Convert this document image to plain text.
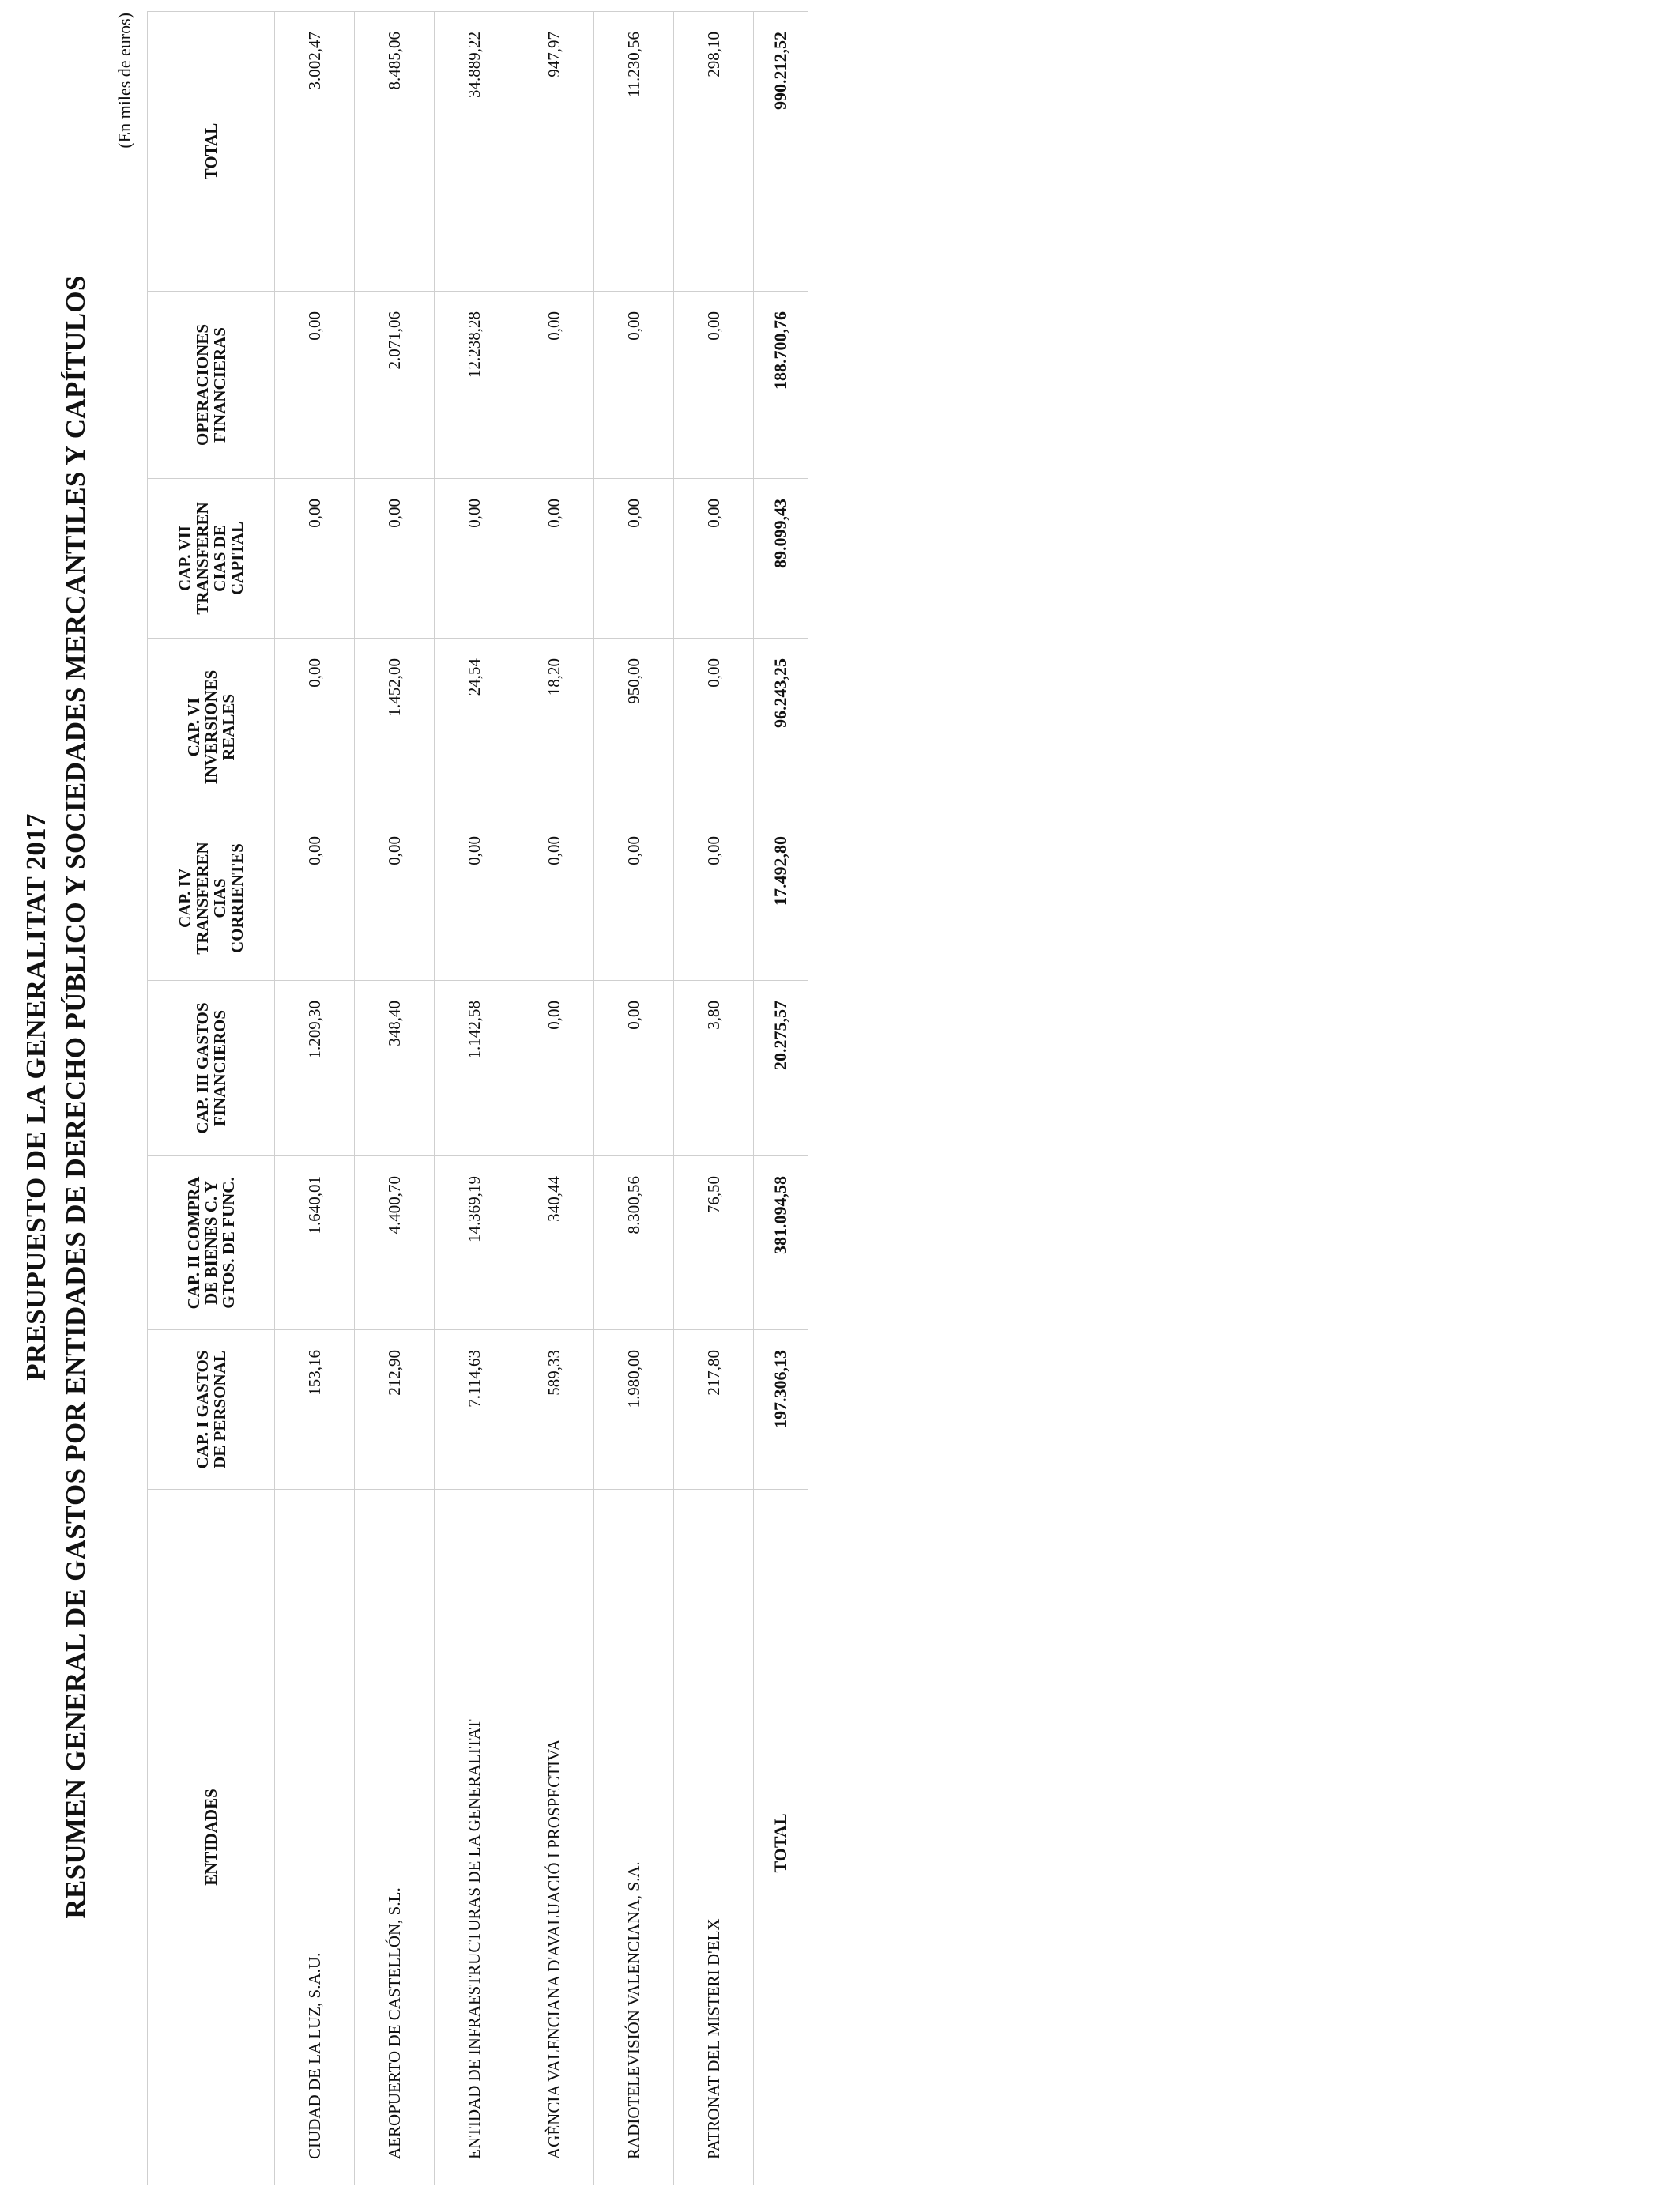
PRESUPUESTO DE LA GENERALITAT 2017 RESUMEN GENERAL DE GASTOS POR ENTIDADES DE DERECHO PÚBLICO Y SOCIEDADES MERCANTILES Y CAPÍTULOS
(En miles de euros)
ENTIDADES	CAP. I GASTOS DE PERSONAL	CAP. II COMPRA DE BIENES C. Y GTOS. DE FUNC.	CAP. III GASTOS FINANCIEROS	CAP. IV TRANSFEREN CIAS CORRIENTES	CAP. VI INVERSIONES REALES	CAP. VII TRANSFEREN CIAS DE CAPITAL	OPERACIONES FINANCIERAS	TOTAL
CIUDAD DE LA LUZ, S.A.U.	153,16	1.640,01	1.209,30	0,00	0,00	0,00	0,00	3.002,47
AEROPUERTO DE CASTELLÓN, S.L.	212,90	4.400,70	348,40	0,00	1.452,00	0,00	2.071,06	8.485,06
ENTIDAD DE INFRAESTRUCTURAS DE LA GENERALITAT	7.114,63	14.369,19	1.142,58	0,00	24,54	0,00	12.238,28	34.889,22
AGÈNCIA VALENCIANA D'AVALUACIÓ I PROSPECTIVA	589,33	340,44	0,00	0,00	18,20	0,00	0,00	947,97
RADIOTELEVISIÓN VALENCIANA, S.A.	1.980,00	8.300,56	0,00	0,00	950,00	0,00	0,00	11.230,56
PATRONAT DEL MISTERI D'ELX	217,80	76,50	3,80	0,00	0,00	0,00	0,00	298,10
TOTAL	197.306,13	381.094,58	20.275,57	17.492,80	96.243,25	89.099,43	188.700,76	990.212,52
